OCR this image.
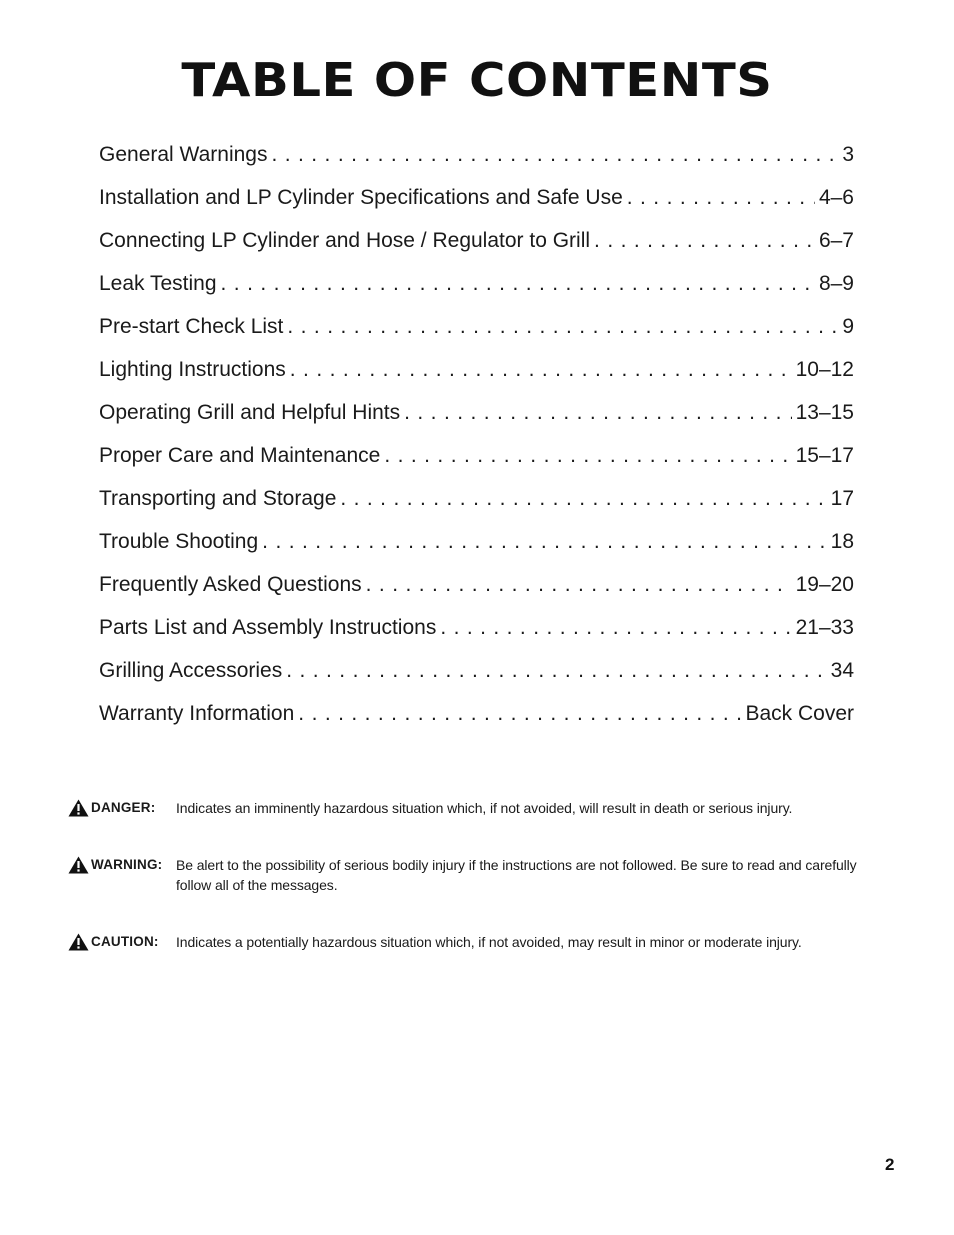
TABLE OF CONTENTS
General Warnings . . .	3
Installation and LP Cylinder Specifications and Safe Use . . .	4–6
Connecting LP Cylinder and Hose / Regulator to Grill . . .	6–7
Leak Testing . . .	8–9
Pre-start Check List . . .	9
Lighting Instructions . . .	10–12
Operating Grill and Helpful Hints . . .	13–15
Proper Care and Maintenance . . .	15–17
Transporting and Storage . . .	17
Trouble Shooting . . .	18
Frequently Asked Questions . . .	19–20
Parts List and Assembly Instructions . . .	21–33
Grilling Accessories . . .	34
Warranty Information . . .	Back Cover
DANGER: Indicates an imminently hazardous situation which, if not avoided, will result in death or serious injury.
WARNING: Be alert to the possibility of serious bodily injury if the instructions are not followed. Be sure to read and carefully follow all of the messages.
CAUTION: Indicates a potentially hazardous situation which, if not avoided, may result in minor or moderate injury.
2
